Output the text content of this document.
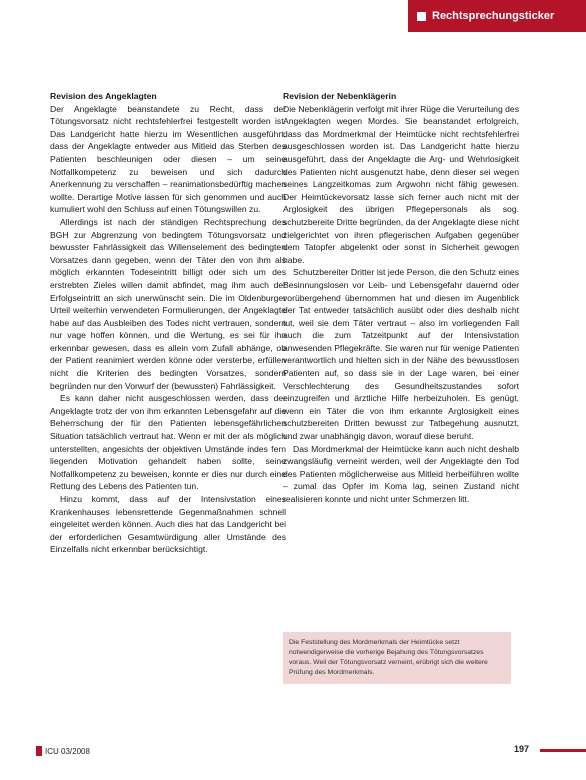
Rechtsprechungsticker
Revision des Angeklagten

Der Angeklagte beanstandete zu Recht, dass der Tötungsvorsatz nicht rechtsfehlerfrei festgestellt worden ist. Das Landgericht hatte hierzu im Wesentlichen ausgeführt, dass der Angeklagte entweder aus Mitleid das Sterben des Patienten beschleunigen oder diesen – um seine Notfallkompetenz zu beweisen und sich dadurch Anerkennung zu verschaffen – reanimationsbedürftig machen wollte. Derartige Motive lassen für sich genommen und auch kumuliert wohl den Schluss auf einen Tötungswillen zu.

Allerdings ist nach der ständigen Rechtsprechung des BGH zur Abgrenzung von bedingtem Tötungsvorsatz und bewusster Fahrlässigkeit das Willenselement des bedingten Vorsatzes dann gegeben, wenn der Täter den von ihm als möglich erkannten Todeseintritt billigt oder sich um des erstrebten Zieles willen damit abfindet, mag ihm auch der Erfolgseintritt an sich unerwünscht sein. Die im Oldenburger Urteil weiterhin verwendeten Formulierungen, der Angeklagte habe auf das Ausbleiben des Todes nicht vertrauen, sondern nur vage hoffen können, und die Wertung, es sei für ihn erkennbar gewesen, dass es allein vom Zufall abhänge, ob der Patient reanimiert werden könne oder versterbe, erfüllen nicht die Kriterien des bedingten Vorsatzes, sondern begründen nur den Vorwurf der (bewussten) Fahrlässigkeit.

Es kann daher nicht ausgeschlossen werden, dass der Angeklagte trotz der von ihm erkannten Lebensgefahr auf die Beherrschung der für den Patienten lebensgefährlichen Situation tatsächlich vertraut hat. Wenn er mit der als möglich unterstellten, angesichts der objektiven Umstände indes fern liegenden Motivation gehandelt haben sollte, seine Notfallkompetenz zu beweisen, konnte er dies nur durch eine Rettung des Lebens des Patienten tun.

Hinzu kommt, dass auf der Intensivstation eines Krankenhauses lebensrettende Gegenmaßnahmen schnell eingeleitet werden können. Auch dies hat das Landgericht bei der erforderlichen Gesamtwürdigung aller Umstände des Einzelfalls nicht erkennbar berücksichtigt.

Revision der Nebenklägerin

Die Nebenklägerin verfolgt mit ihrer Rüge die Verurteilung des Angeklagten wegen Mordes. Sie beanstandet erfolgreich, dass das Mordmerkmal der Heimtücke nicht rechtsfehlerfrei ausgeschlossen worden ist. Das Landgericht hatte hierzu ausgeführt, dass der Angeklagte die Arg- und Wehrlosigkeit des Patienten nicht ausgenutzt habe, denn dieser sei wegen seines Langzeitkomas zum Argwohn nicht fähig gewesen. Der Heimtückevorsatz lasse sich ferner auch nicht mit der Arglosigkeit des übrigen Pflegepersonals als sog. schutzbereite Dritte begründen, da der Angeklagte diese nicht zielgerichtet von ihren pflegerischen Aufgaben gegenüber dem Tatopfer abgelenkt oder sonst in Sicherheit gewogen habe.

Schutzbereiter Dritter ist jede Person, die den Schutz eines Besinnungslosen vor Leib- und Lebensgefahr dauernd oder vorübergehend übernommen hat und diesen im Augenblick der Tat entweder tatsächlich ausübt oder dies deshalb nicht tut, weil sie dem Täter vertraut – also im vorliegenden Fall auch die zum Tatzeitpunkt auf der Intensivstation anwesenden Pflegekräfte. Sie waren nur für wenige Patienten verantwortlich und hielten sich in der Nähe des bewusstlosen Patienten auf, so dass sie in der Lage waren, bei einer Verschlechterung des Gesundheitszustandes sofort einzugreifen und ärztliche Hilfe herbeizuholen. Es genügt, wenn ein Täter die von ihm erkannte Arglosigkeit eines schutzbereiten Dritten bewusst zur Tatbegehung ausnutzt, und zwar unabhängig davon, worauf diese beruht.

Das Mordmerkmal der Heimtücke kann auch nicht deshalb zwangsläufig verneint werden, weil der Angeklagte den Tod des Patienten möglicherweise aus Mitleid herbeiführen wollte – zumal das Opfer im Koma lag, seinen Zustand nicht realisieren konnte und nicht unter Schmerzen litt.

Die Feststellung des Mordmerkmals der Heimtücke setzt notwendigerweise die vorherige Bejahung des Tötungsvorsatzes voraus. Weil der Tötungsvorsatz verneint, erübrigt sich die weitere Prüfung des Mordmerkmals.
ICU 03/2008	197
